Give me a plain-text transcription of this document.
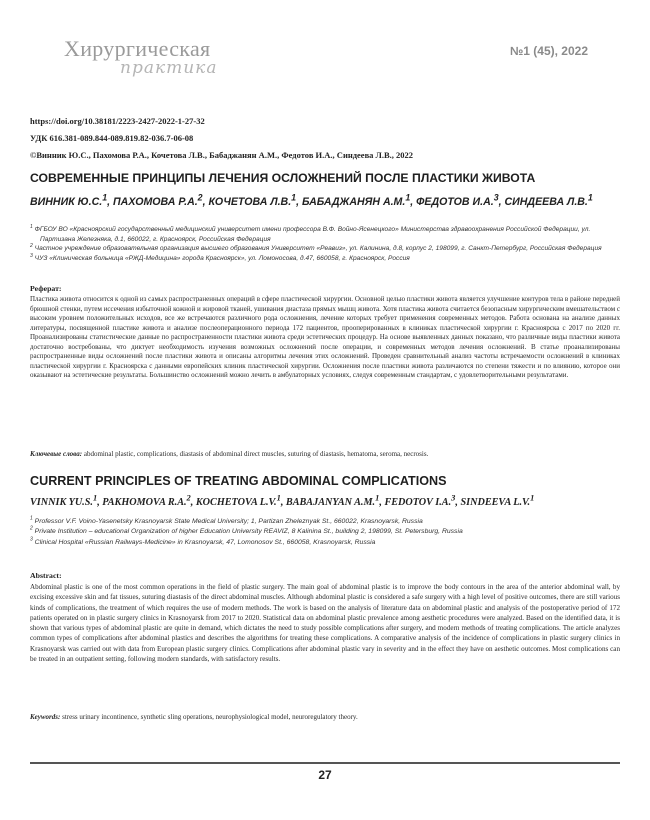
Хирургическая
практика
№1 (45), 2022
https://doi.org/10.38181/2223-2427-2022-1-27-32
УДК 616.381-089.844-089.819.82-036.7-06-08
©Винник Ю.С., Пахомова Р.А., Кочетова Л.В., Бабаджанян А.М., Федотов И.А., Синдеева Л.В., 2022
СОВРЕМЕННЫЕ ПРИНЦИПЫ ЛЕЧЕНИЯ ОСЛОЖНЕНИЙ ПОСЛЕ ПЛАСТИКИ ЖИВОТА
ВИННИК Ю.С.$^1$, ПАХОМОВА Р.А.$^2$, КОЧЕТОВА Л.В.$^1$, БАБАДЖАНЯН А.М.$^1$, ФЕДОТОВ И.А.$^3$, СИНДЕЕВА Л.В.$^1$

$^1$ ФГБОУ ВО «Красноярский государственный медицинский университет имени профессора В.Ф. Войно-Ясенецкого» Министерства здравоохранения Российской Федерации, ул. Партизана Железняка, д.1, 660022, г. Красноярск, Российская Федерация

$^2$ Частное учреждение образовательная организация высшего образования Университет «Реавиз», ул. Калинина, д.8, корпус 2, 198099, г. Санкт-Петербург, Российская Федерация

$^3$ ЧУЗ «Клиническая больница «РЖД-Медицина» города Красноярск», ул. Ломоносова, д.47, 660058, г. Красноярск, Россия

Реферат:

Пластика живота относится к одной из самых распространенных операций в сфере пластической хирургии. Основной целью пластики живота является улучшение контуров тела в районе передней брюшной стенки, путем иссечения избыточной кожной и жировой тканей, ушивания диастаза прямых мышц живота. Хотя пластика живота считается безопасным хирургическим вмешательством с высоким уровнем положительных исходов, все же встречаются различного рода осложнения, лечение которых требует применения современных методов. Работа основана на анализе данных литературы, посвященной пластике живота и анализе послеоперационного периода 172 пациентов, прооперированных в клиниках пластической хирургии г. Красноярска с 2017 по 2020 гг. Проанализированы статистические данные по распространенности пластики живота среди эстетических процедур. На основе выявленных данных показано, что различные виды пластики живота достаточно востребованы, что диктует необходимость изучения возможных осложнений после операции, и современных методов лечения осложнений. В статье проанализированы распространенные виды осложнений после пластики живота и описаны алгоритмы лечения этих осложнений. Проведен сравнительный анализ частоты встречаемости осложнений в клиниках пластической хирургии г. Красноярска с данными европейских клиник пластической хирургии. Осложнения после пластики живота различаются по степени тяжести и по влиянию, которое они оказывают на эстетические результаты. Большинство осложнений можно лечить в амбулаторных условиях, следуя современным стандартам, с удовлетворительными результатами.

Ключевые слова: abdominal plastic, complications, diastasis of abdominal direct muscles, suturing of diastasis, hematoma, seroma, necrosis.
CURRENT PRINCIPLES OF TREATING ABDOMINAL COMPLICATIONS
VINNIK YU.S.$^1$, PAKHOMOVA R.A.$^2$, KOCHETOVA L.V.$^1$, BABAJANYAN A.M.$^1$, FEDOTOV I.A.$^3$, SINDEEVA L.V.$^1$

$^1$ Professor V.F. Voino-Yasenetsky Krasnoyarsk State Medical University; 1, Partizan Zheleznyak St., 660022, Krasnoyarsk, Russia

$^2$ Private Institution – educational Organization of higher Education University REAVIZ, 8 Kalinina St., building 2, 198099, St. Petersburg, Russia

$^3$ Clinical Hospital «Russian Railways-Medicine» in Krasnoyarsk, 47, Lomonosov St., 660058, Krasnoyarsk, Russia

Abstract:

Abdominal plastic is one of the most common operations in the field of plastic surgery. The main goal of abdominal plastic is to improve the body contours in the area of the anterior abdominal wall, by excising excessive skin and fat tissues, suturing diastasis of the direct abdominal muscles. Although abdominal plastic is considered a safe surgery with a high level of positive outcomes, there are still various kinds of complications, the treatment of which requires the use of modern methods. The work is based on the analysis of literature data on abdominal plastic and analysis of the postoperative period of 172 patients operated on in plastic surgery clinics in Krasnoyarsk from 2017 to 2020. Statistical data on abdominal plastic prevalence among aesthetic procedures were analyzed. Based on the identified data, it is shown that various types of abdominal plastic are quite in demand, which dictates the need to study possible complications after surgery, and modern methods of treating complications. The article analyzes common types of complications after abdominal plastics and describes the algorithms for treating these complications. A comparative analysis of the incidence of complications in plastic surgery clinics in Krasnoyarsk was carried out with data from European plastic surgery clinics. Complications after abdominal plastic vary in severity and in the effect they have on aesthetic outcomes. Most complications can be treated in an outpatient setting, following modern standards, with satisfactory results.

Keywords: stress urinary incontinence, synthetic sling operations, neurophysiological model, neuroregulatory theory.
27
